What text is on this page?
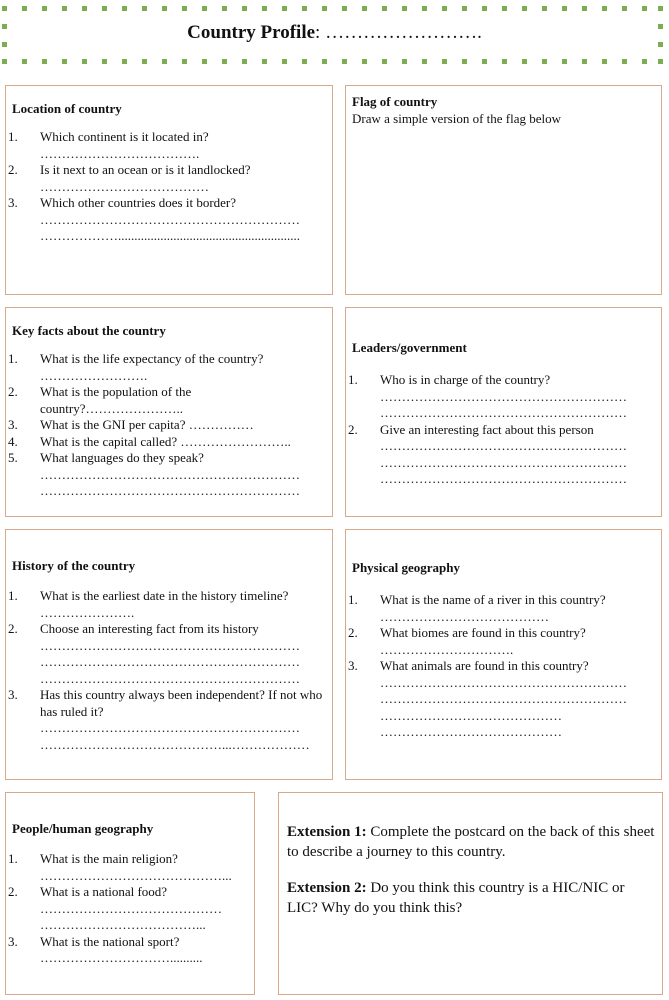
Country Profile: …………………….
Location of country
1. Which continent is it located in?
……………………………….
2. Is it next to an ocean or is it landlocked?
…………………………………
3. Which other countries does it border?
……………………………………………………
………………........................................................
Flag of country
Draw a simple version of the flag below
Key facts about the country
1. What is the life expectancy of the country?
…………………….
2. What is the population of the
country?…………………..
3. What is the GNI per capita? ……………
4. What is the capital called? ……………………..
5. What languages do they speak?
……………………………………………………
……………………………………………………
Leaders/government
1. Who is in charge of the country?
…………………………………………………
…………………………………………………
2. Give an interesting fact about this person
…………………………………………………
…………………………………………………
…………………………………………………
History of the country
1. What is the earliest date in the history timeline?
………………….
2. Choose an interesting fact from its history
……………………………………………………
……………………………………………………
……………………………………………………
3. Has this country always been independent? If not who has ruled it?
……………………………………………………
……………………………………...………………
Physical geography
1. What is the name of a river in this country?
…………………………………
2. What biomes are found in this country?
………………………….
3. What animals are found in this country?
…………………………………………………
…………………………………………………
……………………………………
……………………………………
People/human geography
1. What is the main religion?
……………………………………...
2. What is a national food?
……………………………………
………………………………...
3. What is the national sport?
…………………………..........
Extension 1: Complete the postcard on the back of this sheet to describe a journey to this country.
Extension 2: Do you think this country is a HIC/NIC or LIC? Why do you think this?
